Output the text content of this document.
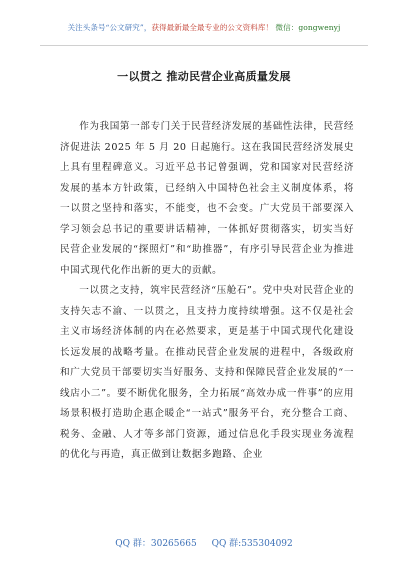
关注头条号“公文研究”，获得最新最全最专业的公文资料库！ 微信：gongwenyj
一以贯之 推动民营企业高质量发展

作为我国第一部专门关于民营经济发展的基础性法律，民营经济促进法 2025 年 5 月 20 日起施行。这在我国民营经济发展史上具有里程碑意义。习近平总书记曾强调，党和国家对民营经济发展的基本方针政策，已经纳入中国特色社会主义制度体系，将一以贯之坚持和落实，不能变，也不会变。广大党员干部要深入学习领会总书记的重要讲话精神，一体抓好贯彻落实，切实当好民营企业发展的“探照灯”和“助推器”，有序引导民营企业为推进中国式现代化作出新的更大的贡献。

一以贯之支持，筑牢民营经济“压舱石”。党中央对民营企业的支持矢志不渝、一以贯之，且支持力度持续增强。这不仅是社会主义市场经济体制的内在必然要求，更是基于中国式现代化建设长远发展的战略考量。在推动民营企业发展的进程中，各级政府和广大党员干部要切实当好服务、支持和保障民营企业发展的“一线店小二”。要不断优化服务，全力拓展“高效办成一件事”的应用场景积极打造助企惠企暖企“一站式”服务平台，充分整合工商、税务、金融、人才等多部门资源，通过信息化手段实现业务流程的优化与再造，真正做到让数据多跑路、企业

QQ 群：30265665 QQ 群:535304092
